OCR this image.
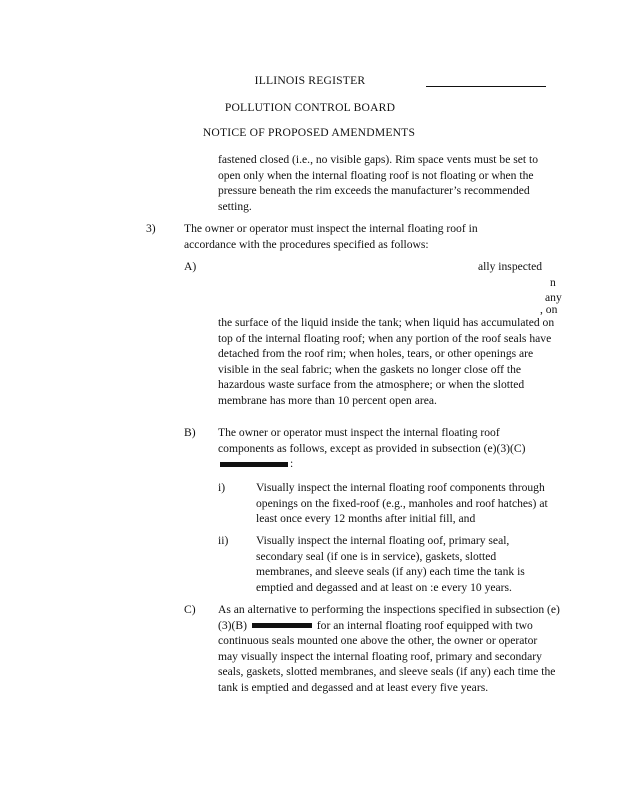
ILLINOIS REGISTER
POLLUTION CONTROL BOARD
NOTICE OF PROPOSED AMENDMENTS

fastened closed (i.e., no visible gaps). Rim space vents must be set to open only when the internal floating roof is not floating or when the pressure beneath the rim exceeds the manufacturer’s recommended setting.

3) The owner or operator must inspect the internal floating roof in accordance with the procedures specified as follows:

A)	ally inspected
n
any
, on

the surface of the liquid inside the tank; when liquid has accumulated on top of the internal floating roof; when any portion of the roof seals have detached from the roof rim; when holes, tears, or other openings are visible in the seal fabric; when the gaskets no longer close off the hazardous waste surface from the atmosphere; or when the slotted membrane has more than 10 percent open area.

B) The owner or operator must inspect the internal floating roof components as follows, except as provided in subsection (e)(3)(C)
:

i)	Visually inspect the internal floating roof components through openings on the fixed-roof (e.g., manholes and roof hatches) at least once every 12 months after initial fill, and

ii) Visually inspect the internal floating oof, primary seal, secondary seal (if one is in service), gaskets, slotted membranes, and sleeve seals (if any) each time the tank is emptied and degassed and at least on :e every 10 years.

C) As an alternative to performing the inspections specified in subsection (e)(3)(B)	for an internal floating roof equipped with two continuous seals mounted one above the other, the owner or operator may visually inspect the internal floating roof, primary and secondary seals, gaskets, slotted membranes, and sleeve seals (if any) each time the tank is emptied and degassed and at least every five years.
